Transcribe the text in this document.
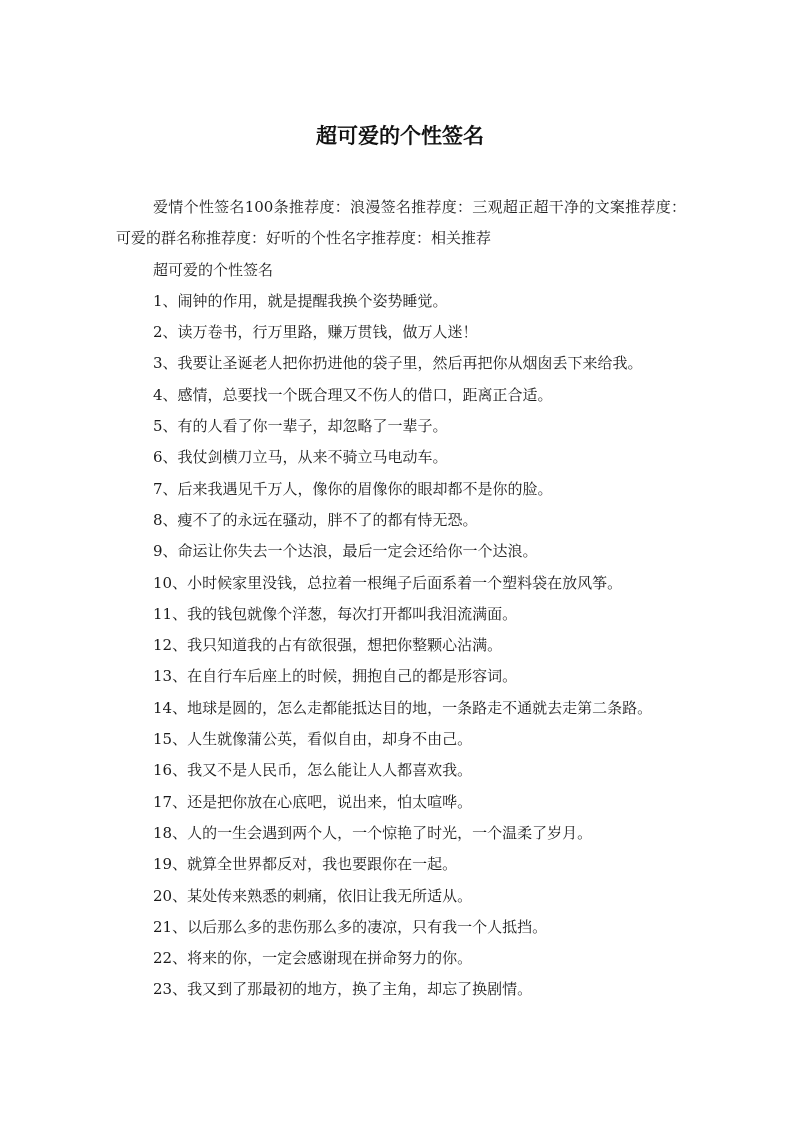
超可爱的个性签名

爱情个性签名100条推荐度：浪漫签名推荐度：三观超正超干净的文案推荐度：可爱的群名称推荐度：好听的个性名字推荐度：相关推荐

超可爱的个性签名

1、闹钟的作用，就是提醒我换个姿势睡觉。

2、读万卷书，行万里路，赚万贯钱，做万人迷！

3、我要让圣诞老人把你扔进他的袋子里，然后再把你从烟囱丢下来给我。

4、感情，总要找一个既合理又不伤人的借口，距离正合适。

5、有的人看了你一辈子，却忽略了一辈子。

6、我仗剑横刀立马，从来不骑立马电动车。

7、后来我遇见千万人，像你的眉像你的眼却都不是你的脸。

8、瘦不了的永远在骚动，胖不了的都有恃无恐。

9、命运让你失去一个达浪，最后一定会还给你一个达浪。

10、小时候家里没钱，总拉着一根绳子后面系着一个塑料袋在放风筝。

11、我的钱包就像个洋葱，每次打开都叫我泪流满面。

12、我只知道我的占有欲很强，想把你整颗心沾满。

13、在自行车后座上的时候，拥抱自己的都是形容词。

14、地球是圆的，怎么走都能抵达目的地，一条路走不通就去走第二条路。

15、人生就像蒲公英，看似自由，却身不由己。

16、我又不是人民币，怎么能让人人都喜欢我。

17、还是把你放在心底吧，说出来，怕太喧哗。

18、人的一生会遇到两个人，一个惊艳了时光，一个温柔了岁月。

19、就算全世界都反对，我也要跟你在一起。

20、某处传来熟悉的刺痛，依旧让我无所适从。

21、以后那么多的悲伤那么多的凄凉，只有我一个人抵挡。

22、将来的你，一定会感谢现在拼命努力的你。

23、我又到了那最初的地方，换了主角，却忘了换剧情。
